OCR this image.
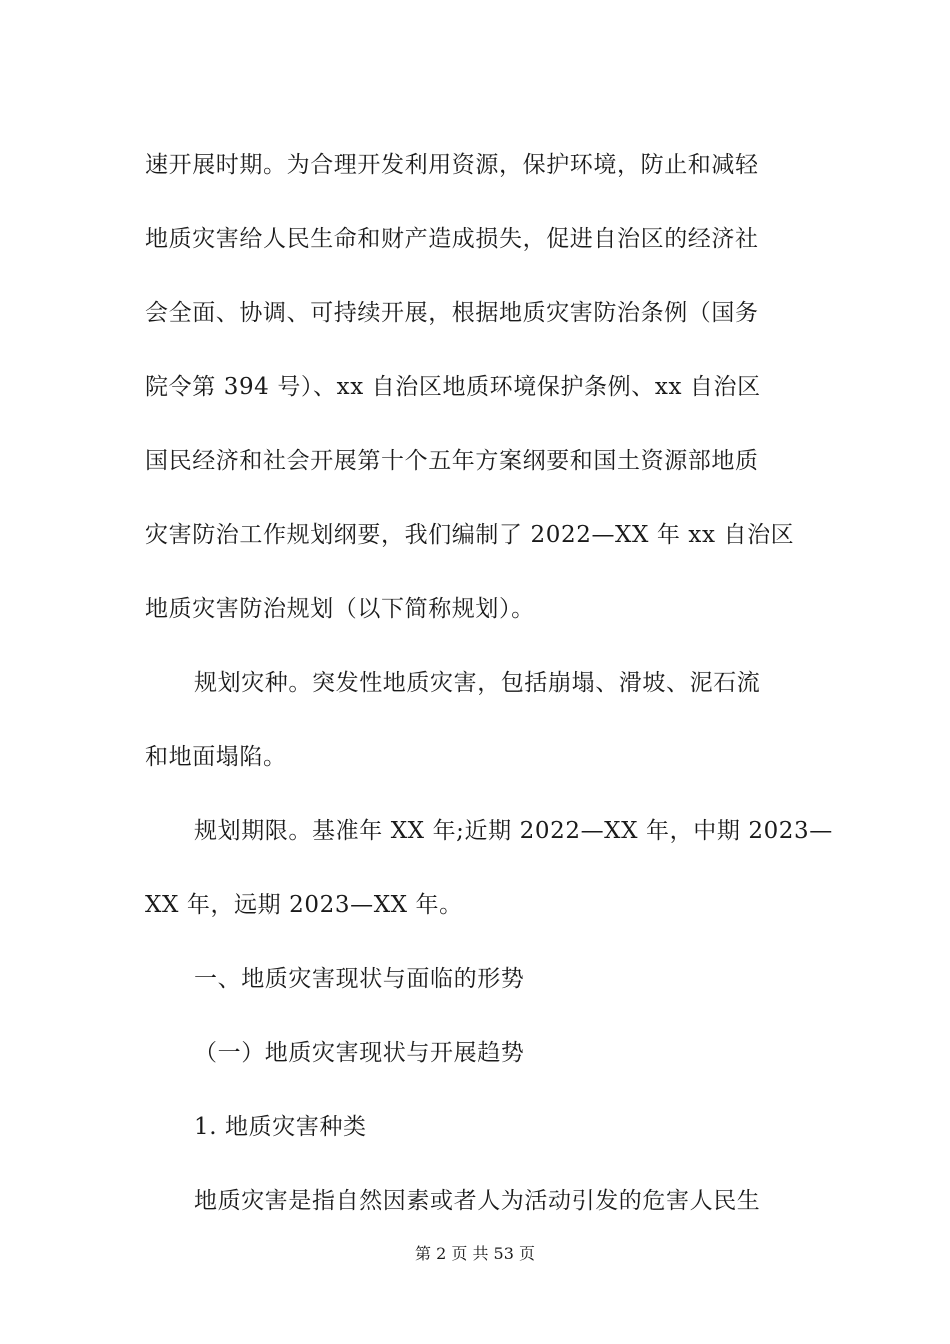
速开展时期。为合理开发利用资源，保护环境，防止和减轻
地质灾害给人民生命和财产造成损失，促进自治区的经济社
会全面、协调、可持续开展，根据地质灾害防治条例（国务
院令第 394 号）、xx 自治区地质环境保护条例、xx 自治区
国民经济和社会开展第十个五年方案纲要和国土资源部地质
灾害防治工作规划纲要，我们编制了 2022—XX 年 xx 自治区
地质灾害防治规划（以下简称规划）。
规划灾种。突发性地质灾害，包括崩塌、滑坡、泥石流
和地面塌陷。
规划期限。基准年 XX 年;近期 2022—XX 年，中期 2023—
XX 年，远期 2023—XX 年。
一、地质灾害现状与面临的形势
（一）地质灾害现状与开展趋势
1. 地质灾害种类
地质灾害是指自然因素或者人为活动引发的危害人民生
第 2 页 共 53 页
